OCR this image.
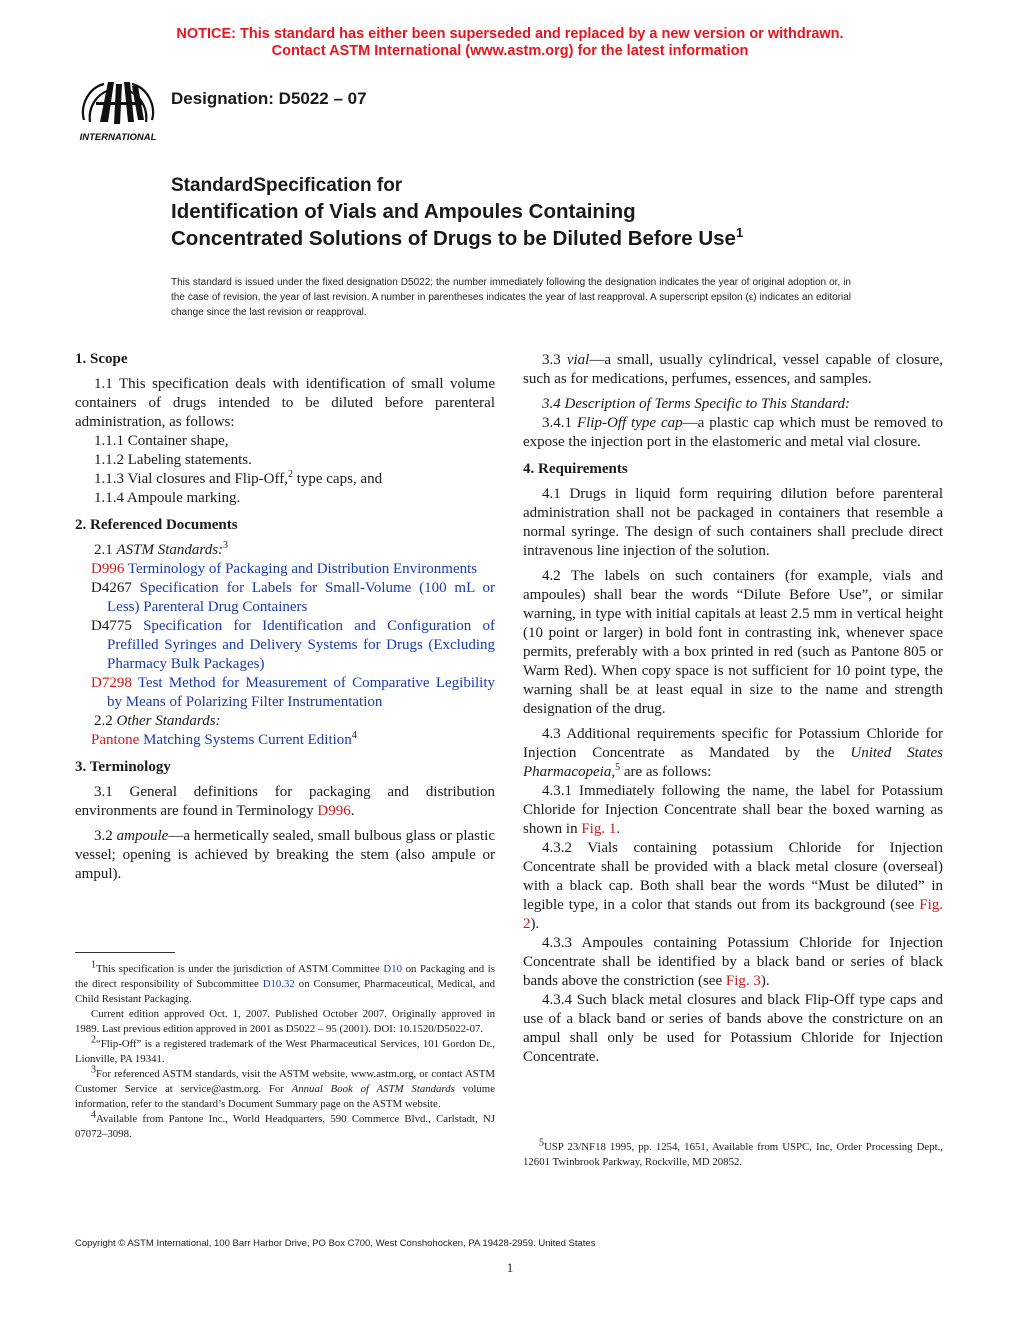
NOTICE: This standard has either been superseded and replaced by a new version or withdrawn.
Contact ASTM International (www.astm.org) for the latest information
INTERNATIONAL
Designation: D5022 – 07
StandardSpecification for
Identification of Vials and Ampoules Containing
Concentrated Solutions of Drugs to be Diluted Before Use$^1$
This standard is issued under the fixed designation D5022; the number immediately following the designation indicates the year of original adoption or, in the case of revision, the year of last revision. A number in parentheses indicates the year of last reapproval. A superscript epsilon (ε) indicates an editorial change since the last revision or reapproval.

1. Scope

1.1 This specification deals with identification of small volume containers of drugs intended to be diluted before parenteral administration, as follows:

1.1.1 Container shape,

1.1.2 Labeling statements.

1.1.3 Vial closures and Flip-Off,$^2$ type caps, and

1.1.4 Ampoule marking.

2. Referenced Documents

2.1 ASTM Standards:$^3$

D996 Terminology of Packaging and Distribution Environments

D4267 Specification for Labels for Small-Volume (100 mL or Less) Parenteral Drug Containers

D4775 Specification for Identification and Configuration of Prefilled Syringes and Delivery Systems for Drugs (Excluding Pharmacy Bulk Packages)

D7298 Test Method for Measurement of Comparative Legibility by Means of Polarizing Filter Instrumentation

2.2 Other Standards:

Pantone Matching Systems Current Edition$^4$

3. Terminology

3.1 General definitions for packaging and distribution environments are found in Terminology D996.

3.2 ampoule—a hermetically sealed, small bulbous glass or plastic vessel; opening is achieved by breaking the stem (also ampule or ampul).

$^1$This specification is under the jurisdiction of ASTM Committee D10 on Packaging and is the direct responsibility of Subcommittee D10.32 on Consumer, Pharmaceutical, Medical, and Child Resistant Packaging.

Current edition approved Oct. 1, 2007. Published October 2007. Originally approved in 1989. Last previous edition approved in 2001 as D5022 – 95 (2001). DOI: 10.1520/D5022-07.

$^2$“Flip-Off” is a registered trademark of the West Pharmaceutical Services, 101 Gordon Dr., Lionville, PA 19341.

$^3$For referenced ASTM standards, visit the ASTM website, www.astm.org, or contact ASTM Customer Service at service@astm.org. For Annual Book of ASTM Standards volume information, refer to the standard’s Document Summary page on the ASTM website.

$^4$Available from Pantone Inc., World Headquarters, 590 Commerce Blvd., Carlstadt, NJ 07072–3098.

3.3 vial—a small, usually cylindrical, vessel capable of closure, such as for medications, perfumes, essences, and samples.

3.4 Description of Terms Specific to This Standard:

3.4.1 Flip-Off type cap—a plastic cap which must be removed to expose the injection port in the elastomeric and metal vial closure.

4. Requirements

4.1 Drugs in liquid form requiring dilution before parenteral administration shall not be packaged in containers that resemble a normal syringe. The design of such containers shall preclude direct intravenous line injection of the solution.

4.2 The labels on such containers (for example, vials and ampoules) shall bear the words “Dilute Before Use”, or similar warning, in type with initial capitals at least 2.5 mm in vertical height (10 point or larger) in bold font in contrasting ink, whenever space permits, preferably with a box printed in red (such as Pantone 805 or Warm Red). When copy space is not sufficient for 10 point type, the warning shall be at least equal in size to the name and strength designation of the drug.

4.3 Additional requirements specific for Potassium Chloride for Injection Concentrate as Mandated by the United States Pharmacopeia,$^5$ are as follows:

4.3.1 Immediately following the name, the label for Potassium Chloride for Injection Concentrate shall bear the boxed warning as shown in Fig. 1.

4.3.2 Vials containing potassium Chloride for Injection Concentrate shall be provided with a black metal closure (overseal) with a black cap. Both shall bear the words “Must be diluted” in legible type, in a color that stands out from its background (see Fig. 2).

4.3.3 Ampoules containing Potassium Chloride for Injection Concentrate shall be identified by a black band or series of black bands above the constriction (see Fig. 3).

4.3.4 Such black metal closures and black Flip-Off type caps and use of a black band or series of bands above the constricture on an ampul shall only be used for Potassium Chloride for Injection Concentrate.

$^5$USP 23/NF18 1995, pp. 1254, 1651, Available from USPC, Inc, Order Processing Dept., 12601 Twinbrook Parkway, Rockville, MD 20852.

Copyright © ASTM International, 100 Barr Harbor Drive, PO Box C700, West Conshohocken, PA 19428-2959. United States
1
